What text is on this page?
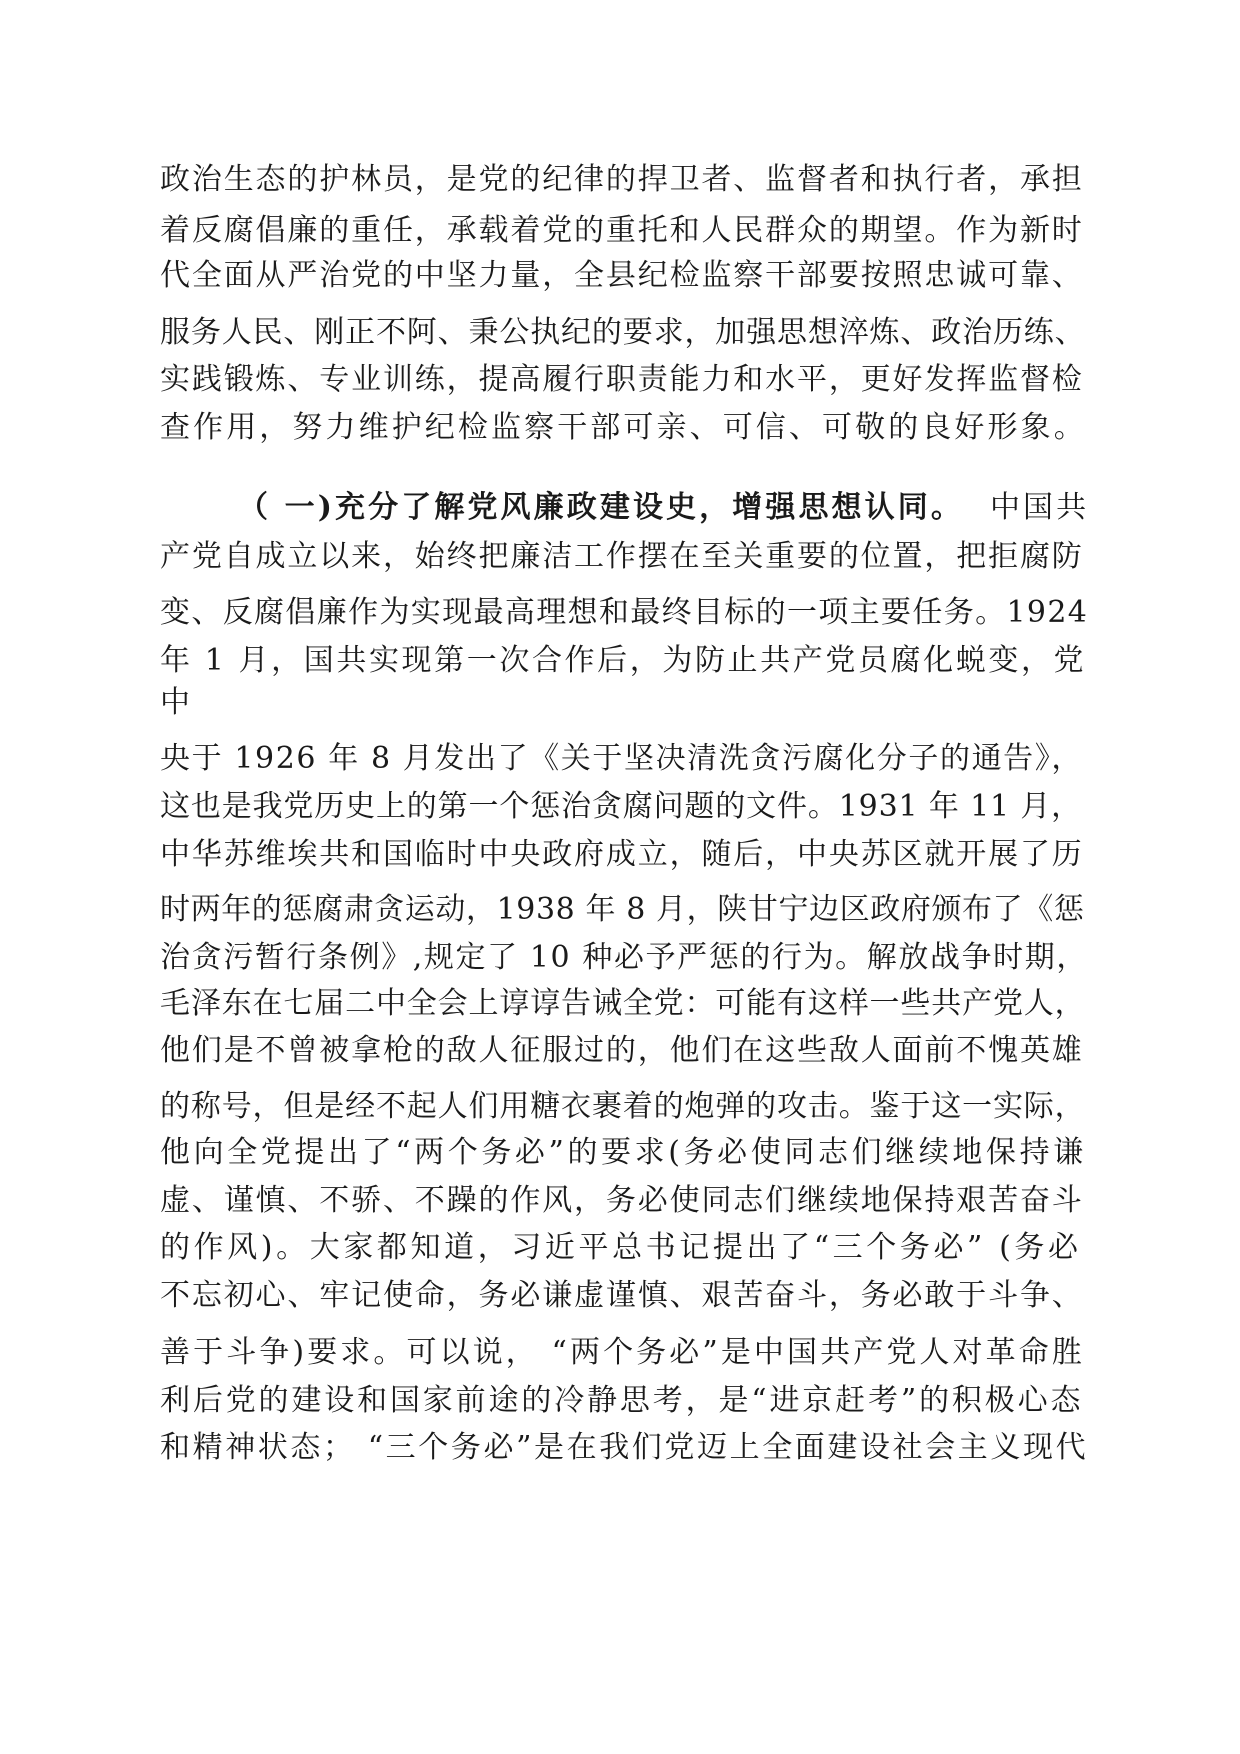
政治生态的护林员，是党的纪律的捍卫者、监督者和执行者，承担

着反腐倡廉的重任，承载着党的重托和人民群众的期望。作为新时

代全面从严治党的中坚力量，全县纪检监察干部要按照忠诚可靠、

服务人民、刚正不阿、秉公执纪的要求，加强思想淬炼、政治历练、

实践锻炼、专业训练，提高履行职责能力和水平，更好发挥监督检

查作用，努力维护纪检监察干部可亲、可信、可敬的良好形象。

（ 一)充分了解党风廉政建设史，增强思想认同。 中国共

产党自成立以来，始终把廉洁工作摆在至关重要的位置，把拒腐防

变、反腐倡廉作为实现最高理想和最终目标的一项主要任务。1924

年 1 月，国共实现第一次合作后，为防止共产党员腐化蜕变，党

中

央于 1926 年 8 月发出了《关于坚决清洗贪污腐化分子的通告》，

这也是我党历史上的第一个惩治贪腐问题的文件。1931 年 11 月，

中华苏维埃共和国临时中央政府成立，随后，中央苏区就开展了历

时两年的惩腐肃贪运动，1938 年 8 月，陕甘宁边区政府颁布了《惩

治贪污暂行条例》,规定了 10 种必予严惩的行为。解放战争时期，

毛泽东在七届二中全会上谆谆告诫全党：可能有这样一些共产党人，

他们是不曾被拿枪的敌人征服过的，他们在这些敌人面前不愧英雄

的称号，但是经不起人们用糖衣裹着的炮弹的攻击。鉴于这一实际，

他向全党提出了“两个务必”的要求(务必使同志们继续地保持谦

虚、谨慎、不骄、不躁的作风，务必使同志们继续地保持艰苦奋斗

的作风)。大家都知道，习近平总书记提出了“三个务必” (务必

不忘初心、牢记使命，务必谦虚谨慎、艰苦奋斗，务必敢于斗争、

善于斗争)要求。可以说， “两个务必”是中国共产党人对革命胜

利后党的建设和国家前途的冷静思考，是“进京赶考”的积极心态

和精神状态； “三个务必”是在我们党迈上全面建设社会主义现代
